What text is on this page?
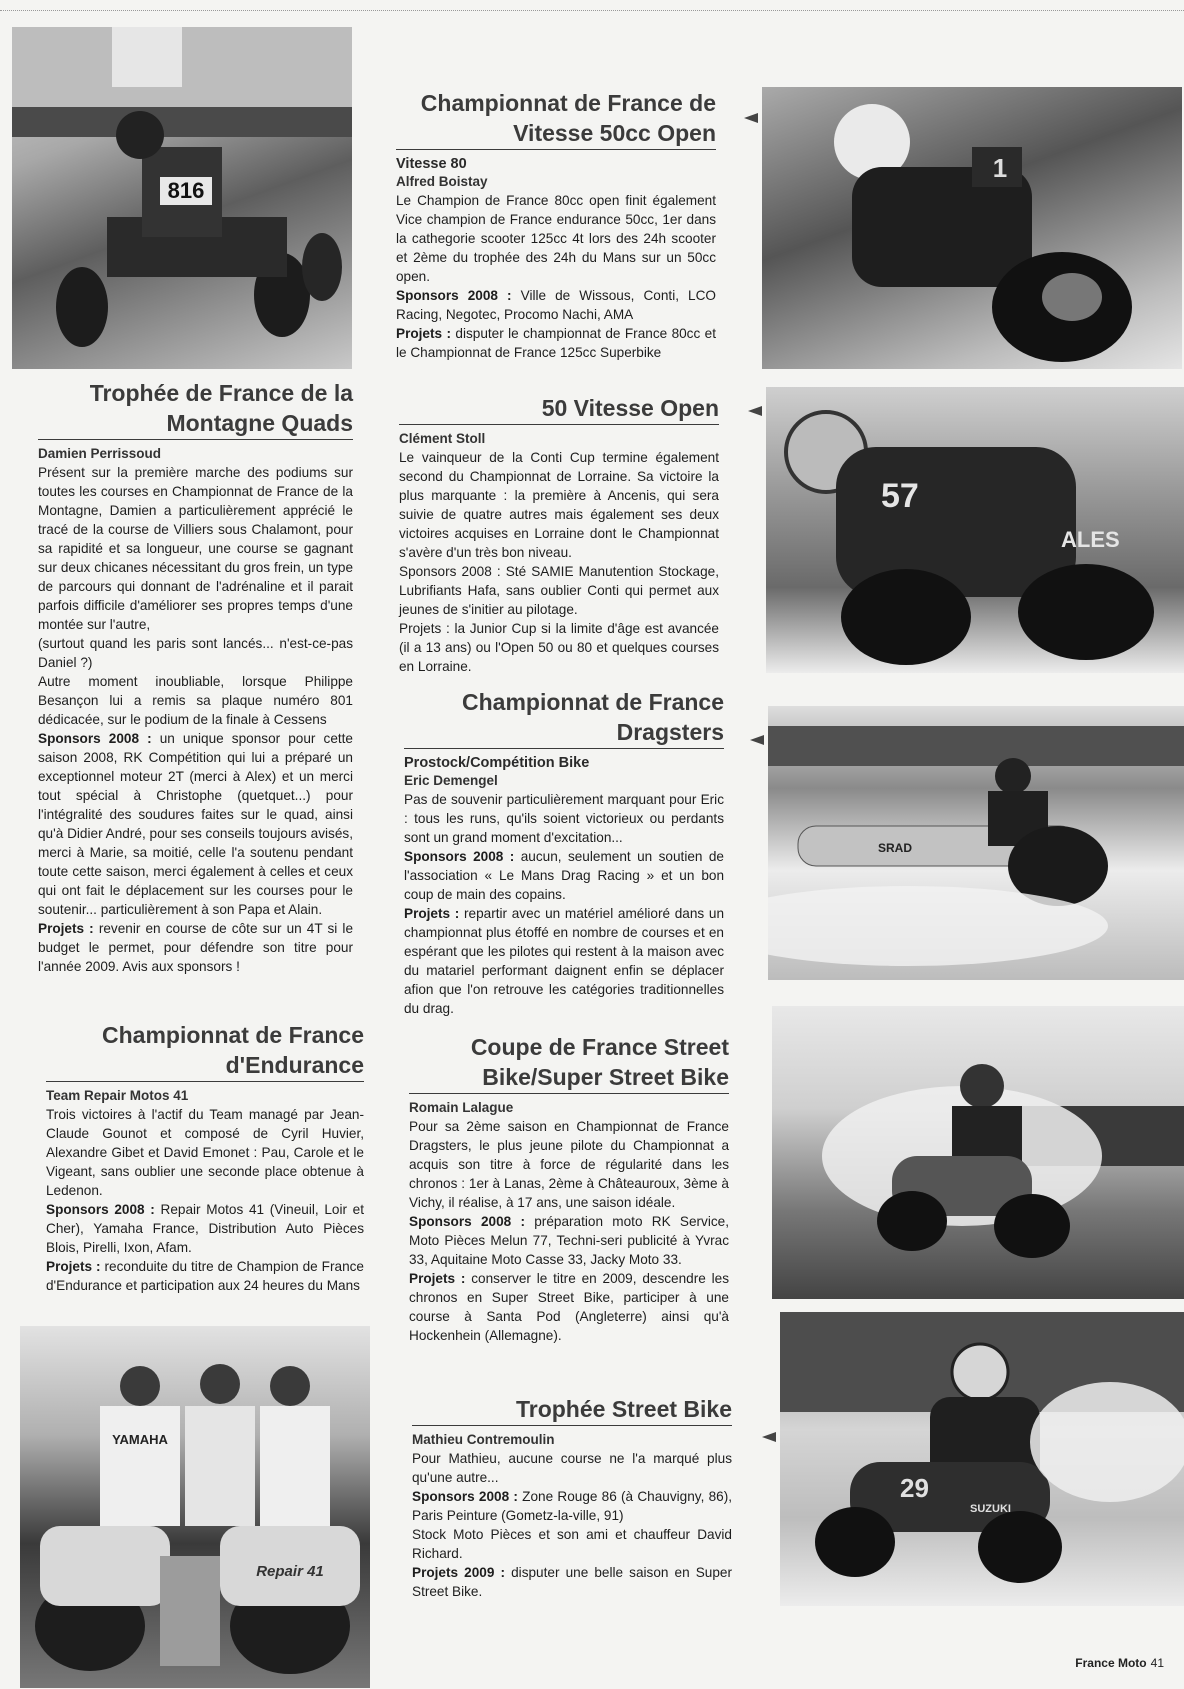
816
Trophée de France de la
Montagne Quads
Damien Perrissoud

Présent sur la première marche des podiums sur toutes les courses en Championnat de France de la Montagne, Damien a particulièrement apprécié le tracé de la course de Villiers sous Chalamont, pour sa rapidité et sa longueur, une course se gagnant sur deux chicanes nécessitant du gros frein, un type de parcours qui donnant de l'adrénaline et il parait parfois difficile d'améliorer ses propres temps d'une montée sur l'autre,

(surtout quand les paris sont lancés... n'est-ce-pas Daniel ?)

Autre moment inoubliable, lorsque Philippe Besançon lui a remis sa plaque numéro 801 dédicacée, sur le podium de la finale à Cessens

Sponsors 2008 : un unique sponsor pour cette saison 2008, RK Compétition qui lui a préparé un exceptionnel moteur 2T (merci à Alex) et un merci tout spécial à Christophe (quetquet...) pour l'intégralité des soudures faites sur le quad, ainsi qu'à Didier André, pour ses conseils toujours avisés, merci à Marie, sa moitié, celle l'a soutenu pendant toute cette saison, merci également à celles et ceux qui ont fait le déplacement sur les courses pour le soutenir... particulièrement à son Papa et Alain.

Projets : revenir en course de côte sur un 4T si le budget le permet, pour défendre son titre pour l'année 2009. Avis aux sponsors !

Championnat de France
d'Endurance
Team Repair Motos 41

Trois victoires à l'actif du Team managé par Jean-Claude Gounot et composé de Cyril Huvier, Alexandre Gibet et David Emonet : Pau, Carole et le Vigeant, sans oublier une seconde place obtenue à Ledenon.

Sponsors 2008 : Repair Motos 41 (Vineuil, Loir et Cher), Yamaha France, Distribution Auto Pièces Blois, Pirelli, Ixon, Afam.

Projets : reconduite du titre de Champion de France d'Endurance et participation aux 24 heures du Mans

YAMAHA
Repair 41
Championnat de France de
Vitesse 50cc Open
Vitesse 80
Alfred Boistay

Le Champion de France 80cc open finit également Vice champion de France endurance 50cc, 1er dans la cathegorie scooter 125cc 4t lors des 24h scooter et 2ème du trophée des 24h du Mans sur un 50cc open.

Sponsors 2008 : Ville de Wissous, Conti, LCO Racing, Negotec, Procomo Nachi, AMA

Projets : disputer le championnat de France 80cc et le Championnat de France 125cc Superbike

50 Vitesse Open
Clément Stoll

Le vainqueur de la Conti Cup termine également second du Championnat de Lorraine. Sa victoire la plus marquante : la première à Ancenis, qui sera suivie de quatre autres mais également ses deux victoires acquises en Lorraine dont le Championnat s'avère d'un très bon niveau.

Sponsors 2008 : Sté SAMIE Manutention Stockage, Lubrifiants Hafa, sans oublier Conti qui permet aux jeunes de s'initier au pilotage.

Projets : la Junior Cup si la limite d'âge est avancée (il a 13 ans) ou l'Open 50 ou 80 et quelques courses en Lorraine.

Championnat de France
Dragsters
Prostock/Compétition Bike
Eric Demengel

Pas de souvenir particulièrement marquant pour Eric : tous les runs, qu'ils soient victorieux ou perdants sont un grand moment d'excitation...

Sponsors 2008 : aucun, seulement un soutien de l'association « Le Mans Drag Racing » et un bon coup de main des copains.

Projets : repartir avec un matériel amélioré dans un championnat plus étoffé en nombre de courses et en espérant que les pilotes qui restent à la maison avec du matariel performant daignent enfin se déplacer afion que l'on retrouve les catégories traditionnelles du drag.

Coupe de France Street
Bike/Super Street Bike
Romain Lalague

Pour sa 2ème saison en Championnat de France Dragsters, le plus jeune pilote du Championnat a acquis son titre à force de régularité dans les chronos : 1er à Lanas, 2ème à Châteauroux, 3ème à Vichy, il réalise, à 17 ans, une saison idéale.

Sponsors 2008 : préparation moto RK Service, Moto Pièces Melun 77, Techni-seri publicité à Yvrac 33, Aquitaine Moto Casse 33, Jacky Moto 33.

Projets : conserver le titre en 2009, descendre les chronos en Super Street Bike, participer à une course à Santa Pod (Angleterre) ainsi qu'à Hockenhein (Allemagne).

Trophée Street Bike
Mathieu Contremoulin

Pour Mathieu, aucune course ne l'a marqué plus qu'une autre...

Sponsors 2008 : Zone Rouge 86 (à Chauvigny, 86), Paris Peinture (Gometz-la-ville, 91)

Stock Moto Pièces et son ami et chauffeur David Richard.

Projets 2009 : disputer une belle saison en Super Street Bike.

1
57
ALES
SRAD
29
SUZUKI
France Moto 41
